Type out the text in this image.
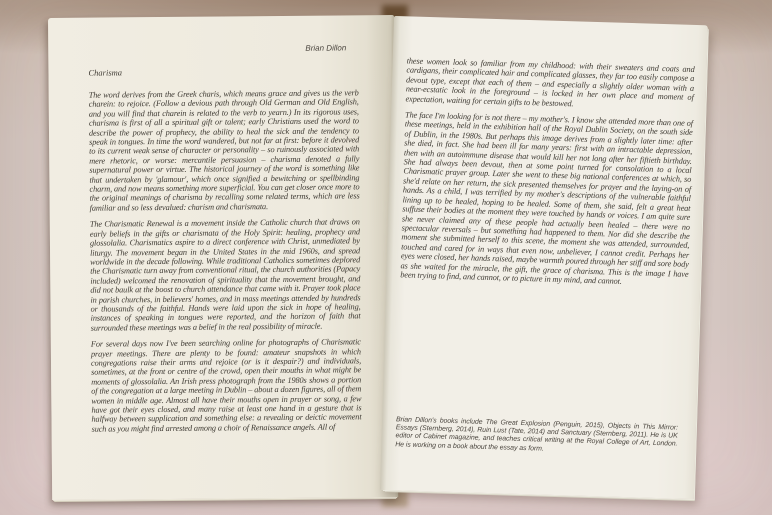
Brian Dillon
Charisma

The word derives from the Greek charis, which means grace and gives us the verb charein: to rejoice. (Follow a devious path through Old German and Old English, and you will find that charein is related to the verb to yearn.) In its rigorous uses, charisma is first of all a spiritual gift or talent; early Christians used the word to describe the power of prophecy, the ability to heal the sick and the tendency to speak in tongues. In time the word wandered, but not far at first: before it devolved to its current weak sense of character or personality – so ruinously associated with mere rhetoric, or worse: mercantile persuasion – charisma denoted a fully supernatural power or virtue. The historical journey of the word is something like that undertaken by 'glamour', which once signified a bewitching or spellbinding charm, and now means something more superficial. You can get closer once more to the original meanings of charisma by recalling some related terms, which are less familiar and so less devalued: charism and charismata.

The Charismatic Renewal is a movement inside the Catholic church that draws on early beliefs in the gifts or charismata of the Holy Spirit: healing, prophecy and glossolalia. Charismatics aspire to a direct conference with Christ, unmediated by liturgy. The movement began in the United States in the mid 1960s, and spread worldwide in the decade following. While traditional Catholics sometimes deplored the Charismatic turn away from conventional ritual, the church authorities (Papacy included) welcomed the renovation of spirituality that the movement brought, and did not baulk at the boost to church attendance that came with it. Prayer took place in parish churches, in believers' homes, and in mass meetings attended by hundreds or thousands of the faithful. Hands were laid upon the sick in hope of healing, instances of speaking in tongues were reported, and the horizon of faith that surrounded these meetings was a belief in the real possibility of miracle.

For several days now I've been searching online for photographs of Charismatic prayer meetings. There are plenty to be found: amateur snapshots in which congregations raise their arms and rejoice (or is it despair?) and individuals, sometimes, at the front or centre of the crowd, open their mouths in what might be moments of glossolalia. An Irish press photograph from the 1980s shows a portion of the congregation at a large meeting in Dublin – about a dozen figures, all of them women in middle age. Almost all have their mouths open in prayer or song, a few have got their eyes closed, and many raise at least one hand in a gesture that is halfway between supplication and something else: a revealing or deictic movement such as you might find arrested among a choir of Renaissance angels. All of

these women look so familiar from my childhood: with their sweaters and coats and cardigans, their complicated hair and complicated glasses, they far too easily compose a devout type, except that each of them – and especially a slightly older woman with a near-ecstatic look in the foreground – is locked in her own place and moment of expectation, waiting for certain gifts to be bestowed.

The face I'm looking for is not there – my mother's. I know she attended more than one of these meetings, held in the exhibition hall of the Royal Dublin Society, on the south side of Dublin, in the 1980s. But perhaps this image derives from a slightly later time: after she died, in fact. She had been ill for many years: first with an intractable depression, then with an autoimmune disease that would kill her not long after her fiftieth birthday. She had always been devout, then at some point turned for consolation to a local Charismatic prayer group. Later she went to these big national conferences at which, so she'd relate on her return, the sick presented themselves for prayer and the laying-on of hands. As a child, I was terrified by my mother's descriptions of the vulnerable faithful lining up to be healed, hoping to be healed. Some of them, she said, felt a great heat suffuse their bodies at the moment they were touched by hands or voices. I am quite sure she never claimed any of these people had actually been healed – there were no spectacular reversals – but something had happened to them. Nor did she describe the moment she submitted herself to this scene, the moment she was attended, surrounded, touched and cared for in ways that even now, unbeliever, I cannot credit. Perhaps her eyes were closed, her hands raised, maybe warmth poured through her stiff and sore body as she waited for the miracle, the gift, the grace of charisma. This is the image I have been trying to find, and cannot, or to picture in my mind, and cannot.

Brian Dillon's books include The Great Explosion (Penguin, 2015), Objects in This Mirror: Essays (Sternberg, 2014), Ruin Lust (Tate, 2014) and Sanctuary (Sternberg, 2011). He is UK editor of Cabinet magazine, and teaches critical writing at the Royal College of Art, London. He is working on a book about the essay as form.
